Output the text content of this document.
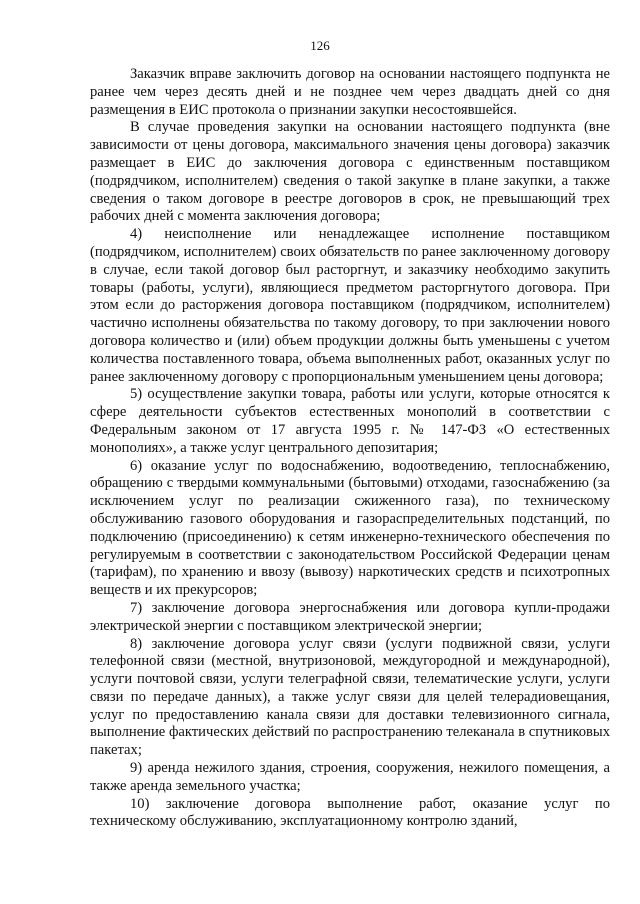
126

Заказчик вправе заключить договор на основании настоящего подпункта не ранее чем через десять дней и не позднее чем через двадцать дней со дня размещения в ЕИС протокола о признании закупки несостоявшейся.

В случае проведения закупки на основании настоящего подпункта (вне зависимости от цены договора, максимального значения цены договора) заказчик размещает в ЕИС до заключения договора с единственным поставщиком (подрядчиком, исполнителем) сведения о такой закупке в плане закупки, а также сведения о таком договоре в реестре договоров в срок, не превышающий трех рабочих дней с момента заключения договора;

4) неисполнение или ненадлежащее исполнение поставщиком (подрядчиком, исполнителем) своих обязательств по ранее заключенному договору в случае, если такой договор был расторгнут, и заказчику необходимо закупить товары (работы, услуги), являющиеся предметом расторгнутого договора. При этом если до расторжения договора поставщиком (подрядчиком, исполнителем) частично исполнены обязательства по такому договору, то при заключении нового договора количество и (или) объем продукции должны быть уменьшены с учетом количества поставленного товара, объема выполненных работ, оказанных услуг по ранее заключенному договору с пропорциональным уменьшением цены договора;

5) осуществление закупки товара, работы или услуги, которые относятся к сфере деятельности субъектов естественных монополий в соответствии с Федеральным законом от 17 августа 1995 г. № 147-ФЗ «О естественных монополиях», а также услуг центрального депозитария;

6) оказание услуг по водоснабжению, водоотведению, теплоснабжению, обращению с твердыми коммунальными (бытовыми) отходами, газоснабжению (за исключением услуг по реализации сжиженного газа), по техническому обслуживанию газового оборудования и газораспределительных подстанций, по подключению (присоединению) к сетям инженерно-технического обеспечения по регулируемым в соответствии с законодательством Российской Федерации ценам (тарифам), по хранению и ввозу (вывозу) наркотических средств и психотропных веществ и их прекурсоров;

7) заключение договора энергоснабжения или договора купли-продажи электрической энергии с поставщиком электрической энергии;

8) заключение договора услуг связи (услуги подвижной связи, услуги телефонной связи (местной, внутризоновой, междугородной и международной), услуги почтовой связи, услуги телеграфной связи, телематические услуги, услуги связи по передаче данных), а также услуг связи для целей телерадиовещания, услуг по предоставлению канала связи для доставки телевизионного сигнала, выполнение фактических действий по распространению телеканала в спутниковых пакетах;

9) аренда нежилого здания, строения, сооружения, нежилого помещения, а также аренда земельного участка;

10) заключение договора выполнение работ, оказание услуг по техническому обслуживанию, эксплуатационному контролю зданий,
